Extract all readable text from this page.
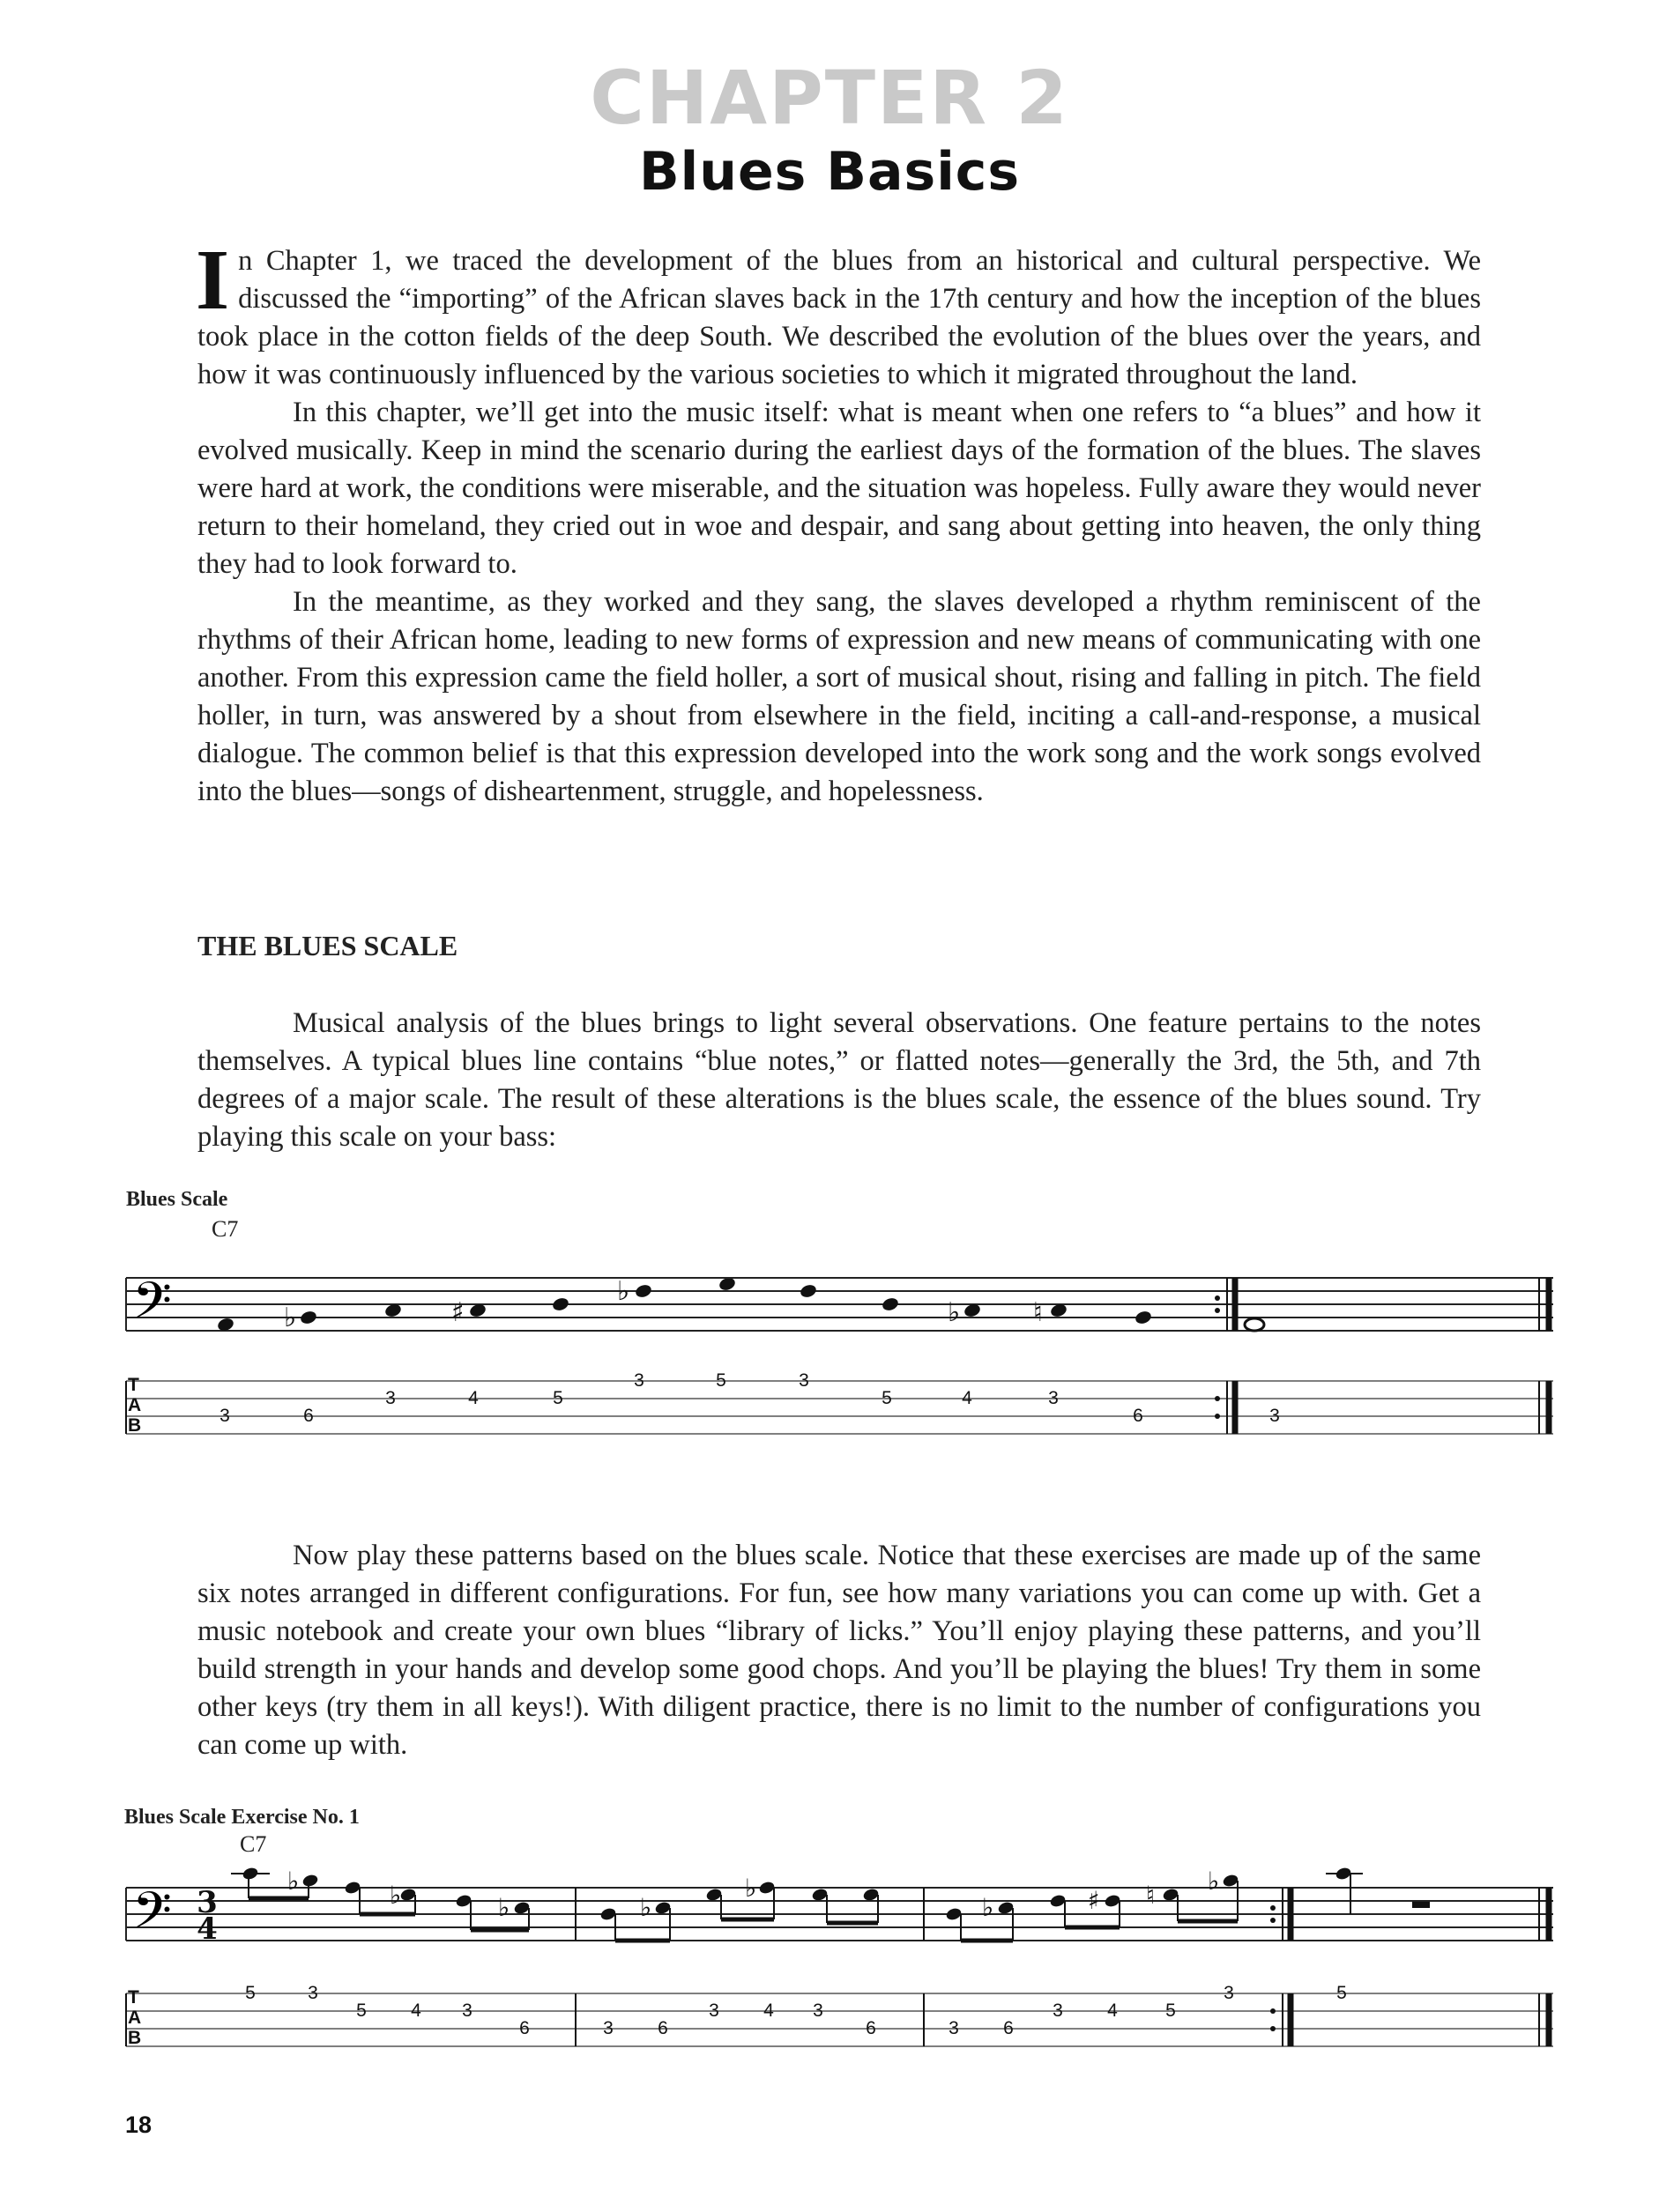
CHAPTER 2
Blues Basics

In Chapter 1, we traced the development of the blues from an historical and cultural perspective. We discussed the “importing” of the African slaves back in the 17th century and how the inception of the blues took place in the cotton fields of the deep South. We described the evolution of the blues over the years, and how it was continuously influenced by the various societies to which it migrated throughout the land.

In this chapter, we’ll get into the music itself: what is meant when one refers to “a blues” and how it evolved musically. Keep in mind the scenario during the earliest days of the formation of the blues. The slaves were hard at work, the conditions were miserable, and the situation was hopeless. Fully aware they would never return to their homeland, they cried out in woe and despair, and sang about getting into heaven, the only thing they had to look forward to.

In the meantime, as they worked and they sang, the slaves developed a rhythm reminiscent of the rhythms of their African home, leading to new forms of expression and new means of communicating with one another. From this expression came the field holler, a sort of musical shout, rising and falling in pitch. The field holler, in turn, was answered by a shout from elsewhere in the field, inciting a call-and-response, a musical dialogue. The common belief is that this expression developed into the work song and the work songs evolved into the blues—songs of disheartenment, struggle, and hopelessness.

THE BLUES SCALE

Musical analysis of the blues brings to light several observations. One feature pertains to the notes themselves. A typical blues line contains “blue notes,” or flatted notes—generally the 3rd, the 5th, and 7th degrees of a major scale. The result of these alterations is the blues scale, the essence of the blues sound. Try playing this scale on your bass:

Blues Scale
C7
𝄢	♭	♯
♭
♭	♮
T
A
B	3	6
3	4	5
3	5	3
5	4	3
6	3

Now play these patterns based on the blues scale. Notice that these exercises are made up of the same six notes arranged in different configurations. For fun, see how many variations you can come up with. Get a music notebook and create your own blues “library of licks.” You’ll enjoy playing these patterns, and you’ll build strength in your hands and develop some good chops. And you’ll be playing the blues! Try them in some other keys (try them in all keys!). With diligent practice, there is no limit to the number of configurations you can come up with.

Blues Scale Exercise No. 1
C7
𝄢 3
4
♭	♭	♭	♭
♭
♭	♯ ♮ ♭
T
A
B
5	3
5 4 3
6	3 6
3 4 3
6	3 6
3 4	5
3	5
18
